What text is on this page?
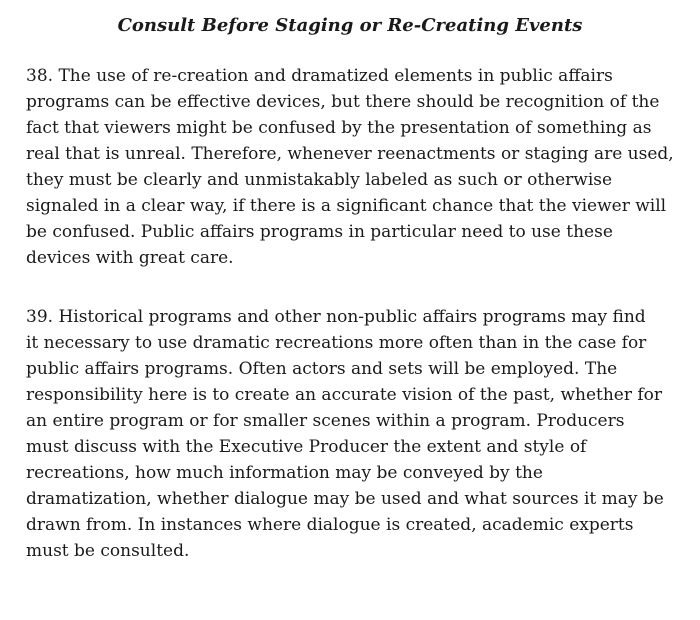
Consult Before Staging or Re-Creating Events

38. The use of re-creation and dramatized elements in public affairs
programs can be effective devices, but there should be recognition of the
fact that viewers might be confused by the presentation of something as
real that is unreal. Therefore, whenever reenactments or staging are used,
they must be clearly and unmistakably labeled as such or otherwise
signaled in a clear way, if there is a significant chance that the viewer will
be confused. Public affairs programs in particular need to use these
devices with great care.

39. Historical programs and other non-public affairs programs may find
it necessary to use dramatic recreations more often than in the case for
public affairs programs. Often actors and sets will be employed. The
responsibility here is to create an accurate vision of the past, whether for
an entire program or for smaller scenes within a program. Producers
must discuss with the Executive Producer the extent and style of
recreations, how much information may be conveyed by the
dramatization, whether dialogue may be used and what sources it may be
drawn from. In instances where dialogue is created, academic experts
must be consulted.
